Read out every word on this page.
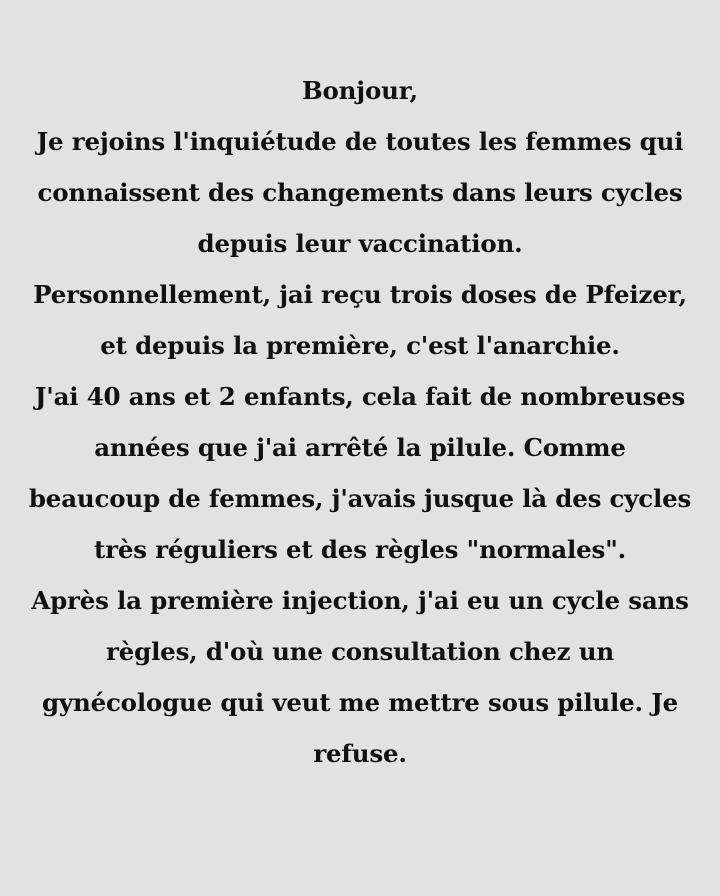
Bonjour,
Je rejoins l'inquiétude de toutes les femmes qui
connaissent des changements dans leurs cycles
depuis leur vaccination.
Personnellement, jai reçu trois doses de Pfeizer,
et depuis la première, c'est l'anarchie.
J'ai 40 ans et 2 enfants, cela fait de nombreuses
années que j'ai arrêté la pilule. Comme
beaucoup de femmes, j'avais jusque là des cycles
très réguliers et des règles "normales".
Après la première injection, j'ai eu un cycle sans
règles, d'où une consultation chez un
gynécologue qui veut me mettre sous pilule. Je
refuse.
